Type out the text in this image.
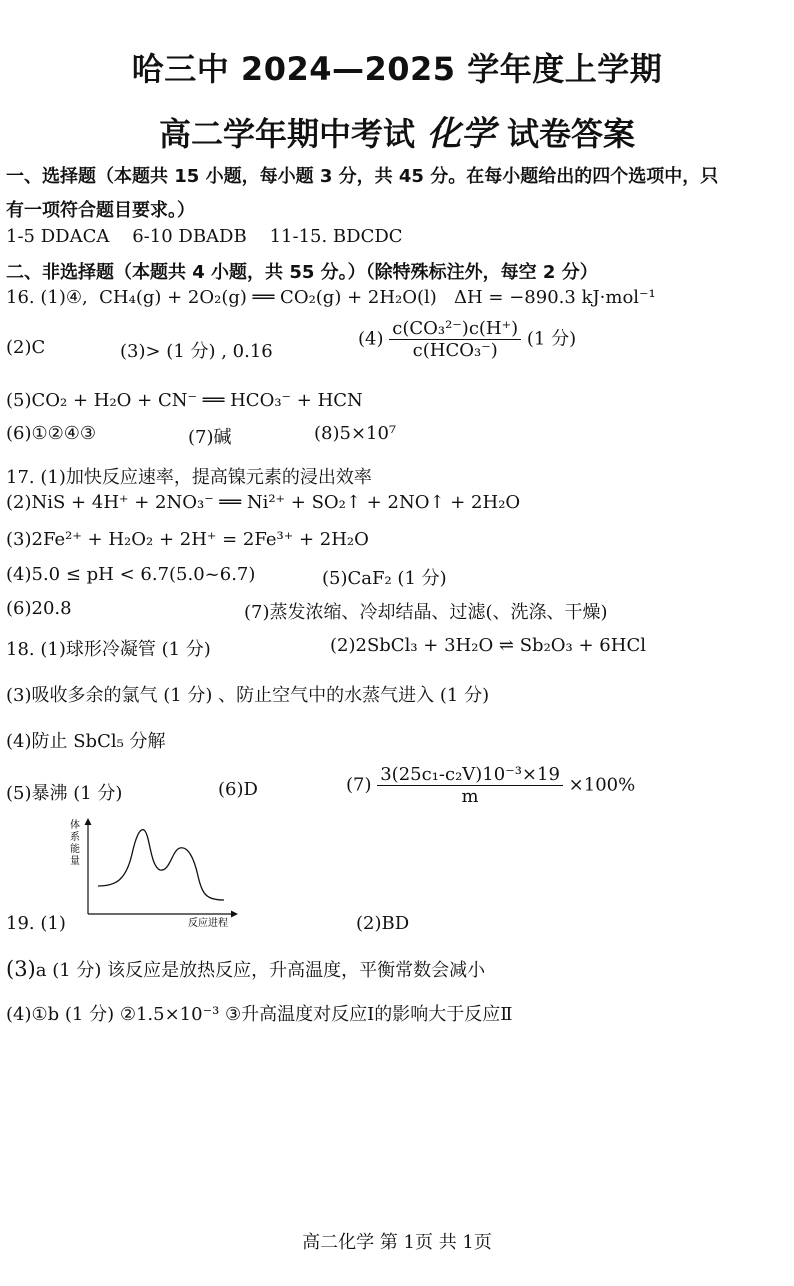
哈三中 2024—2025 学年度上学期
高二学年期中考试 化学 试卷答案
一、选择题（本题共 15 小题，每小题 3 分，共 45 分。在每小题给出的四个选项中，只
有一项符合题目要求。）
1-5 DDACA    6-10 DBADB    11-15. BDCDC
二、非选择题（本题共 4 小题，共 55 分。）（除特殊标注外，每空 2 分）
16. (1)④, CH₄(g) + 2O₂(g) ══ CO₂(g) + 2H₂O(l) ΔH = −890.3 kJ·mol⁻¹
(2)C	(3)> (1 分) , 0.16
$(4) \frac{\text{c(CO₃²⁻)c(H⁺)}}{\text{c(HCO₃⁻)}} (1$ 分)
(5)CO₂ + H₂O + CN⁻ ══ HCO₃⁻ + HCN
(6)①②④③	(7)碱	(8)5×10⁷
17. (1)加快反应速率，提高镍元素的浸出效率
(2)NiS + 4H⁺ + 2NO₃⁻ ══ Ni²⁺ + SO₂↑ + 2NO↑ + 2H₂O
(3)2Fe²⁺ + H₂O₂ + 2H⁺ = 2Fe³⁺ + 2H₂O
(4)5.0 ≤ pH < 6.7(5.0~6.7)	(5)CaF₂ (1 分)
(6)20.8	(7)蒸发浓缩、冷却结晶、过滤(、洗涤、干燥)
18. (1)球形冷凝管 (1 分)	(2)2SbCl₃ + 3H₂O ⇌ Sb₂O₃ + 6HCl
(3)吸收多余的氯气 (1 分) 、防止空气中的水蒸气进入 (1 分)
(4)防止 SbCl₅ 分解
(5)暴沸 (1 分)	(6)D	$(7) \frac{\text{3(25c₁-c₂V)10⁻³×19}}{m} \times 100\%$
体 系 能 量
反应进程
19. (1)	(2)BD
(3)a (1 分) 该反应是放热反应，升高温度，平衡常数会减小
(4)①b (1 分) ②1.5×10⁻³ ③升高温度对反应Ⅰ的影响大于反应Ⅱ
高二化学 第 1页 共 1页
